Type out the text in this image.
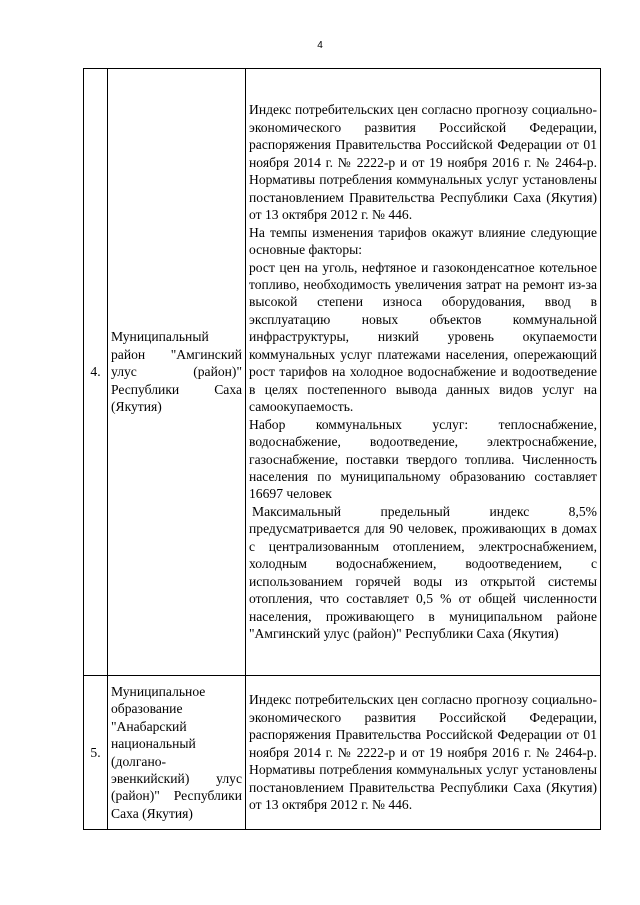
4
4.	Муниципальный район "Амгинский улус (район)" Республики Саха (Якутия)	Индекс потребительских цен согласно прогнозу социально-экономического развития Российской Федерации, распоряжения Правительства Российской Федерации от 01 ноября 2014 г. № 2222-р и от 19 ноября 2016 г. № 2464-р. Нормативы потребления коммунальных услуг установлены постановлением Правительства Республики Саха (Якутия) от 13 октября 2012 г. № 446.
На темпы изменения тарифов окажут влияние следующие основные факторы:
рост цен на уголь, нефтяное и газоконденсатное котельное топливо, необходимость увеличения затрат на ремонт из-за высокой степени износа оборудования, ввод в эксплуатацию новых объектов коммунальной инфраструктуры, низкий уровень окупаемости коммунальных услуг платежами населения, опережающий рост тарифов на холодное водоснабжение и водоотведение в целях постепенного вывода данных видов услуг на самоокупаемость.
Набор коммунальных услуг: теплоснабжение, водоснабжение, водоотведение, электроснабжение, газоснабжение, поставки твердого топлива. Численность населения по муниципальному образованию составляет 16697 человек
Максимальный предельный индекс 8,5% предусматривается для 90 человек, проживающих в домах с централизованным отоплением, электроснабжением, холодным водоснабжением, водоотведением, с использованием горячей воды из открытой системы отопления, что составляет 0,5 % от общей численности населения, проживающего в муниципальном районе "Амгинский улус (район)" Республики Саха (Якутия)

5.	Муниципальное образование "Анабарский национальный (долгано-эвенкийский) улус (район)" Республики Саха (Якутия)	Индекс потребительских цен согласно прогнозу социально-экономического развития Российской Федерации, распоряжения Правительства Российской Федерации от 01 ноября 2014 г. № 2222-р и от 19 ноября 2016 г. № 2464-р. Нормативы потребления коммунальных услуг установлены постановлением Правительства Республики Саха (Якутия) от 13 октября 2012 г. № 446.
